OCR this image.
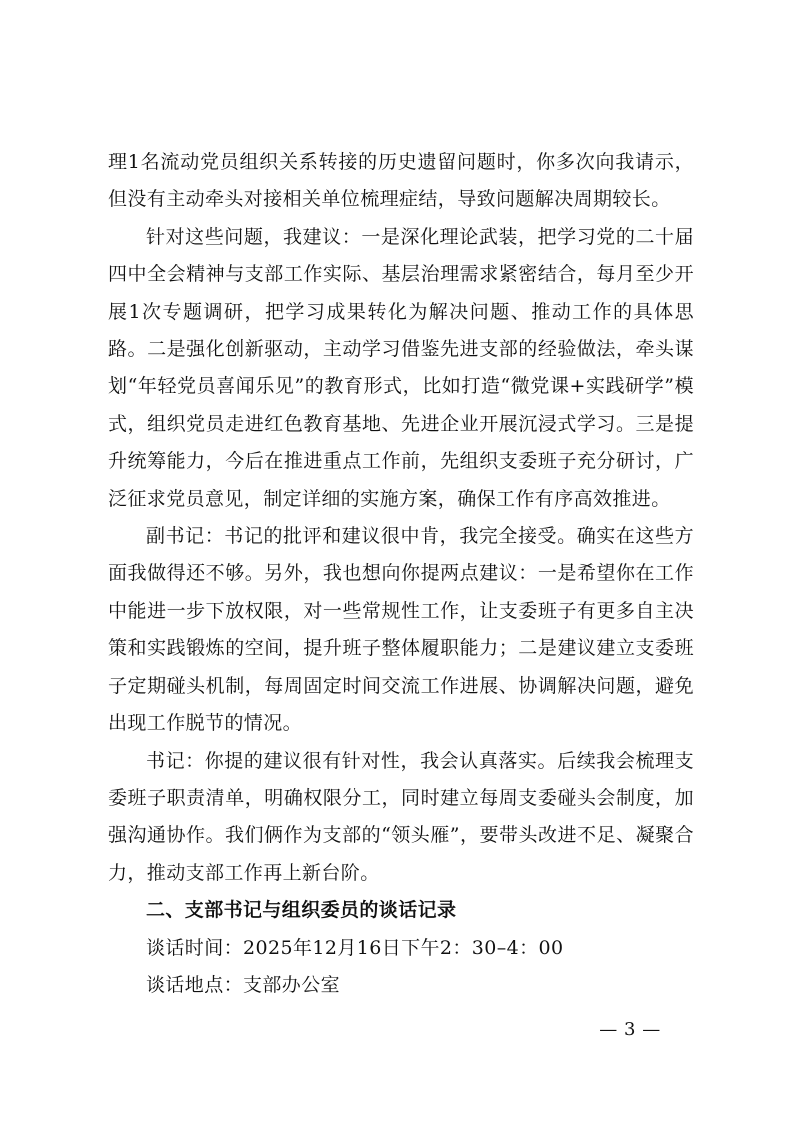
理1名流动党员组织关系转接的历史遗留问题时，你多次向我请示，但没有主动牵头对接相关单位梳理症结，导致问题解决周期较长。

针对这些问题，我建议：一是深化理论武装，把学习党的二十届四中全会精神与支部工作实际、基层治理需求紧密结合，每月至少开展1次专题调研，把学习成果转化为解决问题、推动工作的具体思路。二是强化创新驱动，主动学习借鉴先进支部的经验做法，牵头谋划“年轻党员喜闻乐见”的教育形式，比如打造“微党课+实践研学”模式，组织党员走进红色教育基地、先进企业开展沉浸式学习。三是提升统筹能力，今后在推进重点工作前，先组织支委班子充分研讨，广泛征求党员意见，制定详细的实施方案，确保工作有序高效推进。

副书记：书记的批评和建议很中肯，我完全接受。确实在这些方面我做得还不够。另外，我也想向你提两点建议：一是希望你在工作中能进一步下放权限，对一些常规性工作，让支委班子有更多自主决策和实践锻炼的空间，提升班子整体履职能力；二是建议建立支委班子定期碰头机制，每周固定时间交流工作进展、协调解决问题，避免出现工作脱节的情况。

书记：你提的建议很有针对性，我会认真落实。后续我会梳理支委班子职责清单，明确权限分工，同时建立每周支委碰头会制度，加强沟通协作。我们俩作为支部的“领头雁”，要带头改进不足、凝聚合力，推动支部工作再上新台阶。

二、支部书记与组织委员的谈话记录

谈话时间：2025年12月16日下午2：30–4：00

谈话地点：支部办公室

— 3 —
